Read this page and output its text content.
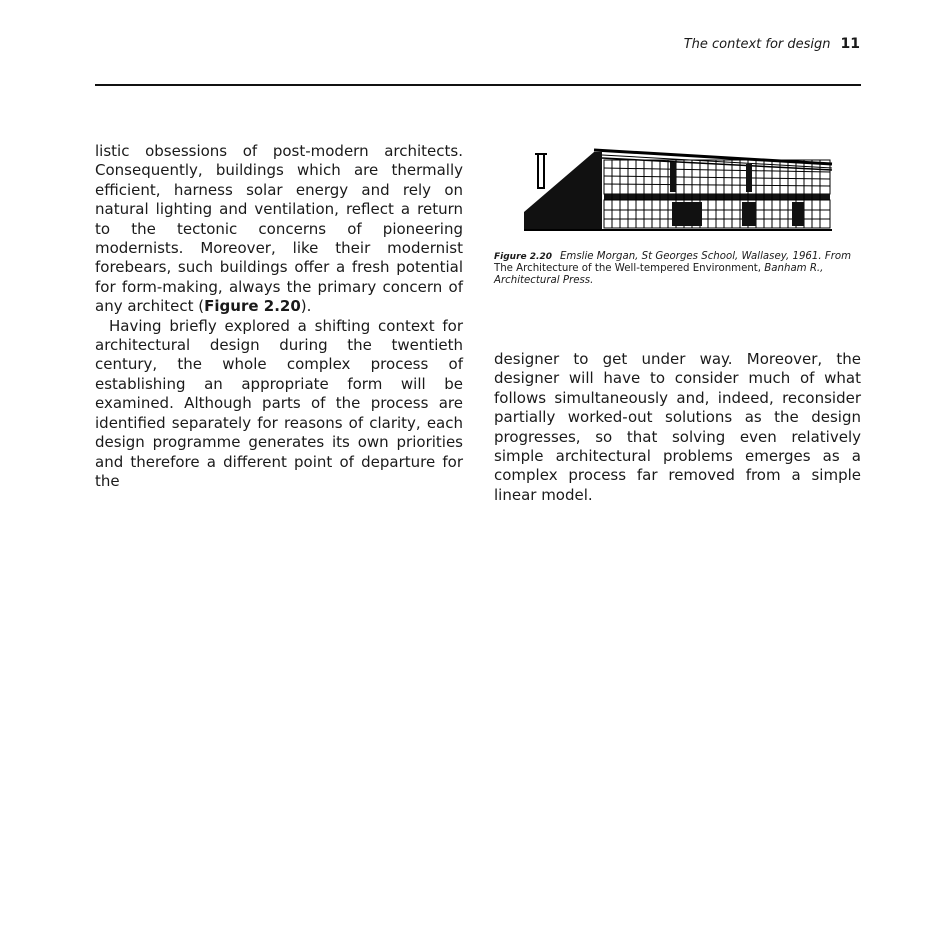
The context for design 11

listic obsessions of post-modern architects. Consequently, buildings which are thermally efficient, harness solar energy and rely on natural lighting and ventilation, reflect a return to the tectonic concerns of pioneering modernists. Moreover, like their modernist forebears, such buildings offer a fresh potential for form-making, always the primary concern of any architect (Figure 2.20).

Having briefly explored a shifting context for architectural design during the twentieth century, the whole complex process of establishing an appropriate form will be examined. Although parts of the process are identified separately for reasons of clarity, each design programme generates its own priorities and therefore a different point of departure for the

Figure 2.20 Emslie Morgan, St Georges School, Wallasey, 1961. From The Architecture of the Well-tempered Environment, Banham R., Architectural Press.

designer to get under way. Moreover, the designer will have to consider much of what follows simultaneously and, indeed, reconsider partially worked-out solutions as the design progresses, so that solving even relatively simple architectural problems emerges as a complex process far removed from a simple linear model.
